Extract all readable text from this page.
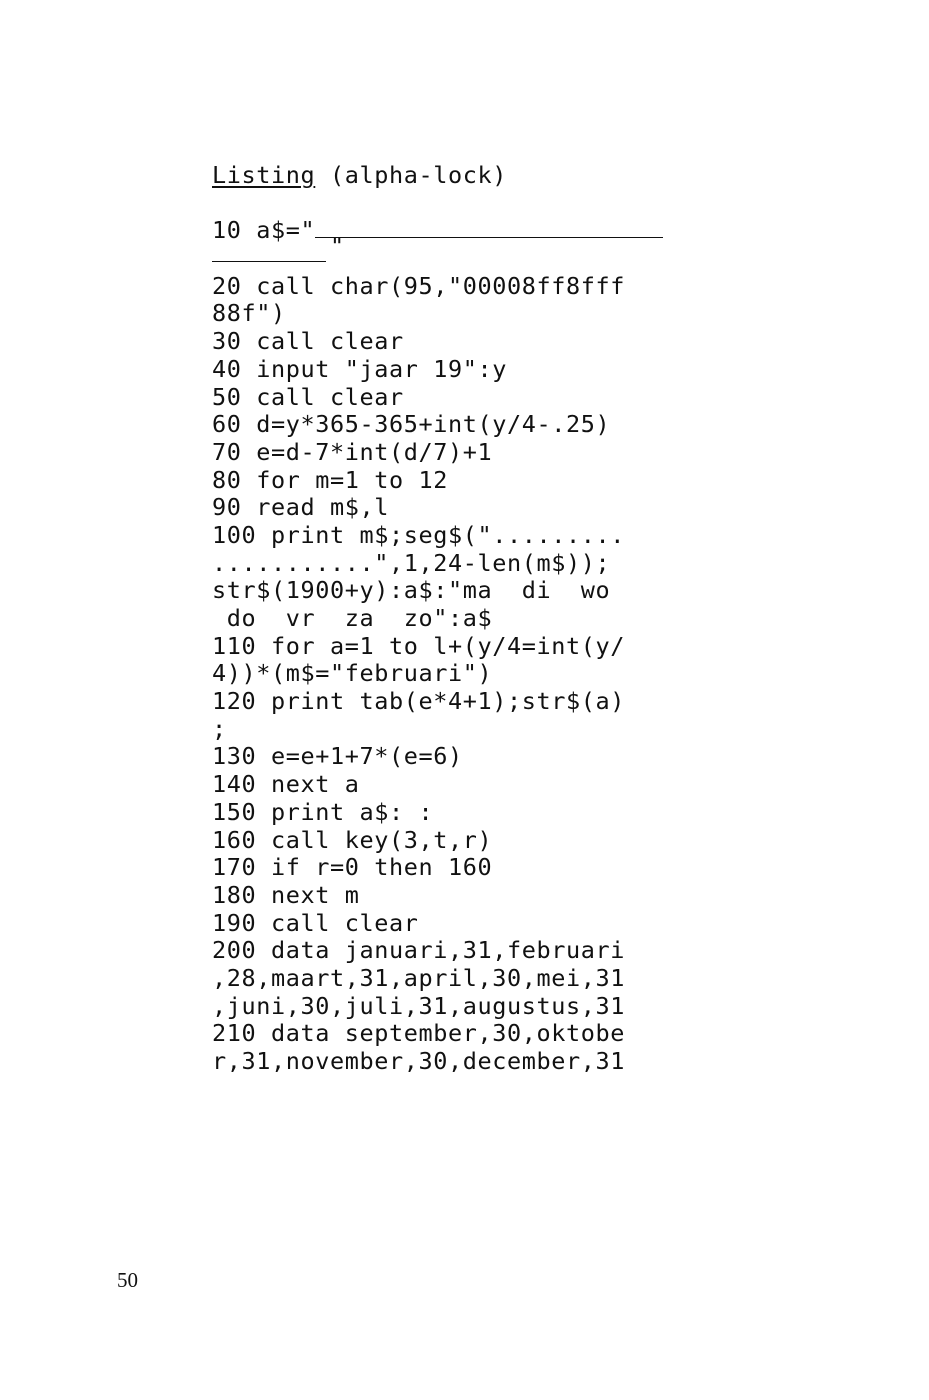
Listing (alpha-lock)
10 a$="
"
20 call char(95,"00008ff8fff
88f")
30 call clear
40 input "jaar 19":y
50 call clear
60 d=y*365-365+int(y/4-.25)
70 e=d-7*int(d/7)+1
80 for m=1 to 12
90 read m$,l
100 print m$;seg$(".........
...........",1,24-len(m$));
str$(1900+y):a$:"ma  di  wo
do  vr  za  zo":a$
110 for a=1 to l+(y/4=int(y/
4))*(m$="februari")
120 print tab(e*4+1);str$(a)
;
130 e=e+1+7*(e=6)
140 next a
150 print a$: :
160 call key(3,t,r)
170 if r=0 then 160
180 next m
190 call clear
200 data januari,31,februari
,28,maart,31,april,30,mei,31
,juni,30,juli,31,augustus,31
210 data september,30,oktobe
r,31,november,30,december,31
50
